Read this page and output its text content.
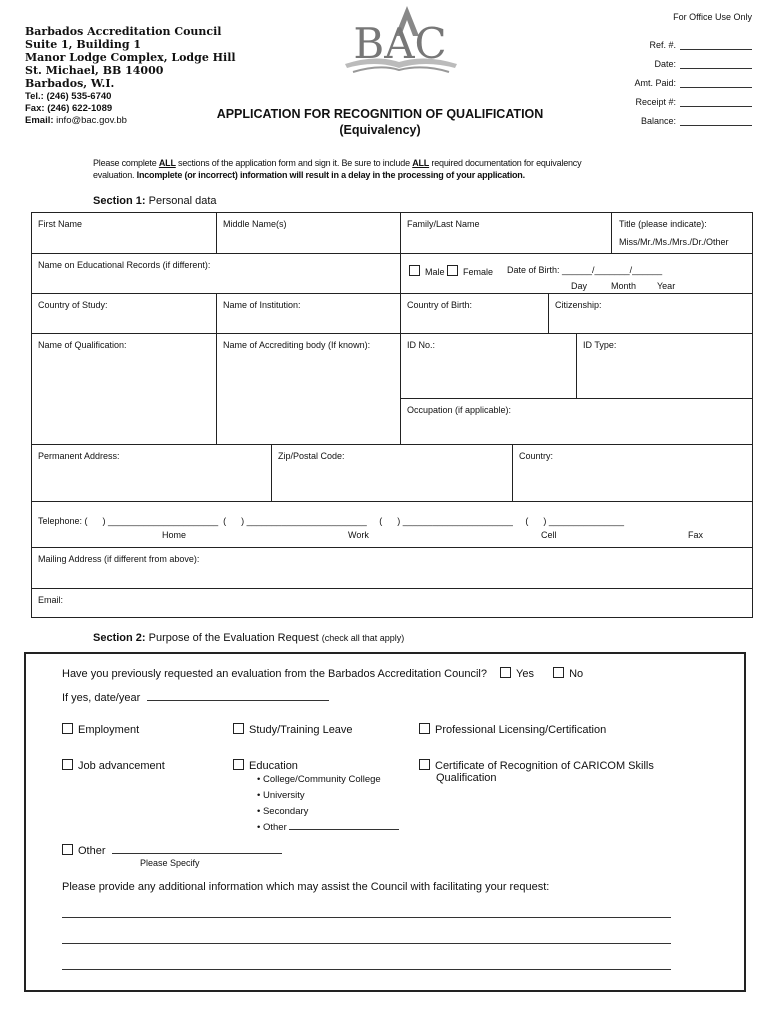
Barbados Accreditation Council
Suite 1, Building 1
Manor Lodge Complex, Lodge Hill
St. Michael, BB 14000
Barbados, W.I.
Tel.: (246) 535-6740
Fax: (246) 622-1089
Email: info@bac.gov.bb
BAC
APPLICATION FOR RECOGNITION OF QUALIFICATION
(Equivalency)
For Office Use Only
Ref. #.
Date:
Amt. Paid:
Receipt #:
Balance:
Please complete ALL sections of the application form and sign it. Be sure to include ALL required documentation for equivalency
evaluation. Incomplete (or incorrect) information will result in a delay in the processing of your application.
Section 1: Personal data
First Name	Middle Name(s)	Family/Last Name	Title (please indicate):
Miss/Mr./Ms./Mrs./Dr./Other
Name on Educational Records (if different):
Male	Female Date of Birth: ______/_______/______
Day	Month Year
Country of Study:	Name of Institution:	Country of Birth:	Citizenship:
Name of Qualification:	Name of Accrediting body (If known):	ID No.:	ID Type:
Occupation (if applicable):
Permanent Address:	Zip/Postal Code:	Country:
Telephone: (      ) ______________________  (      ) ________________________     (      ) ______________________     (      ) _______________
Home	Work	Cell	Fax
Mailing Address (if different from above):
Email:
Section 2: Purpose of the Evaluation Request (check all that apply)
Have you previously requested an evaluation from the Barbados Accreditation Council?	Yes	No
If yes, date/year
Employment	Study/Training Leave	Professional Licensing/Certification
Job advancement	Education
• College/Community College
• University
• Secondary
• Other
Certificate of Recognition of CARICOM Skills
Qualification
Other
Please Specify
Please provide any additional information which may assist the Council with facilitating your request:
